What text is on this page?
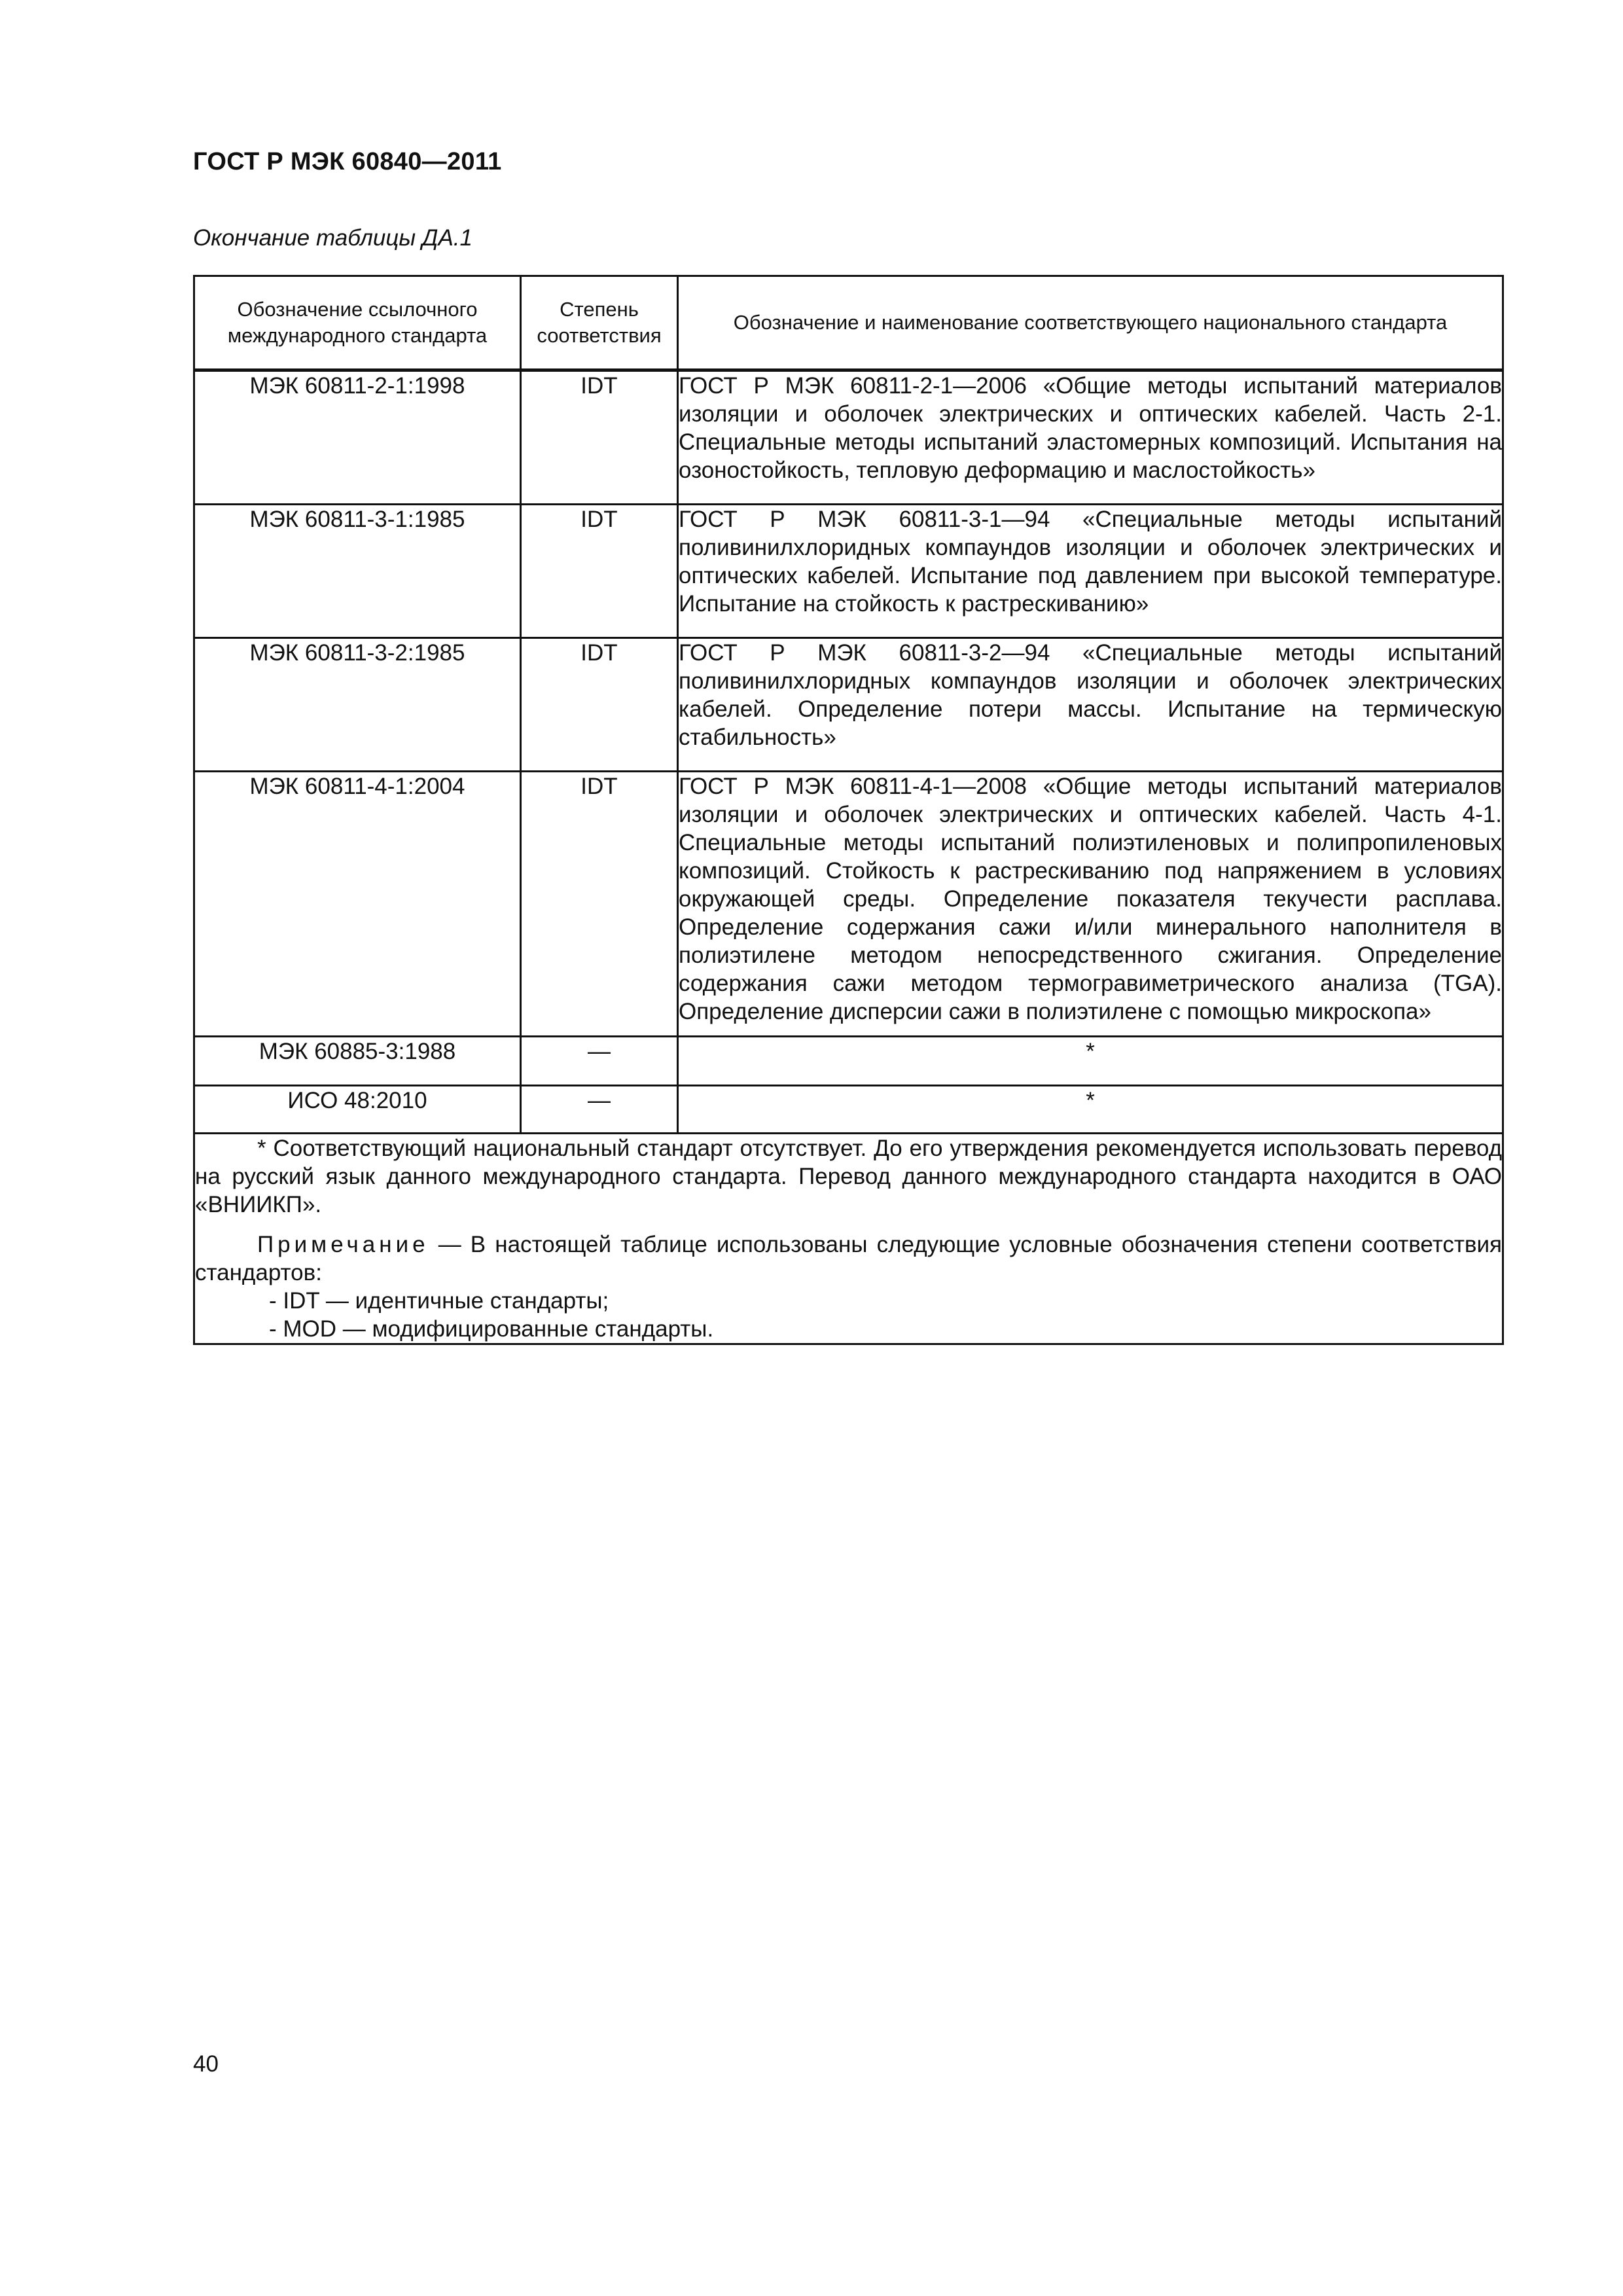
ГОСТ Р МЭК 60840—2011
Окончание таблицы ДА.1
Обозначение ссылочного международного стандарта	Степень соответствия	Обозначение и наименование соответствующего национального стандарта
МЭК 60811-2-1:1998	IDT	ГОСТ Р МЭК 60811-2-1—2006 «Общие методы испытаний материалов изоляции и оболочек электрических и оптических кабелей. Часть 2-1. Специальные методы испытаний эластомерных композиций. Испытания на озоностойкость, тепловую деформацию и маслостойкость»
МЭК 60811-3-1:1985	IDT	ГОСТ Р МЭК 60811-3-1—94 «Специальные методы испытаний поливинилхлоридных компаундов изоляции и оболочек электрических и оптических кабелей. Испытание под давлением при высокой температуре. Испытание на стойкость к растрескиванию»
МЭК 60811-3-2:1985	IDT	ГОСТ Р МЭК 60811-3-2—94 «Специальные методы испытаний поливинилхлоридных компаундов изоляции и оболочек электрических кабелей. Определение потери массы. Испытание на термическую стабильность»
МЭК 60811-4-1:2004	IDT	ГОСТ Р МЭК 60811-4-1—2008 «Общие методы испытаний материалов изоляции и оболочек электрических и оптических кабелей. Часть 4-1. Специальные методы испытаний полиэтиленовых и полипропиленовых композиций. Стойкость к растрескиванию под напряжением в условиях окружающей среды. Определение показателя текучести расплава. Определение содержания сажи и/или минерального наполнителя в полиэтилене методом непосредственного сжигания. Определение содержания сажи методом термогравиметрического анализа (TGA). Определение дисперсии сажи в полиэтилене с помощью микроскопа»
МЭК 60885-3:1988	—	*
ИСО 48:2010	—	*

* Соответствующий национальный стандарт отсутствует. До его утверждения рекомендуется использовать перевод на русский язык данного международного стандарта. Перевод данного международного стандарта находится в ОАО «ВНИИКП».

Примечание — В настоящей таблице использованы следующие условные обозначения степени соответствия стандартов:

- IDT — идентичные стандарты;
- MOD — модифицированные стандарты.		
40
